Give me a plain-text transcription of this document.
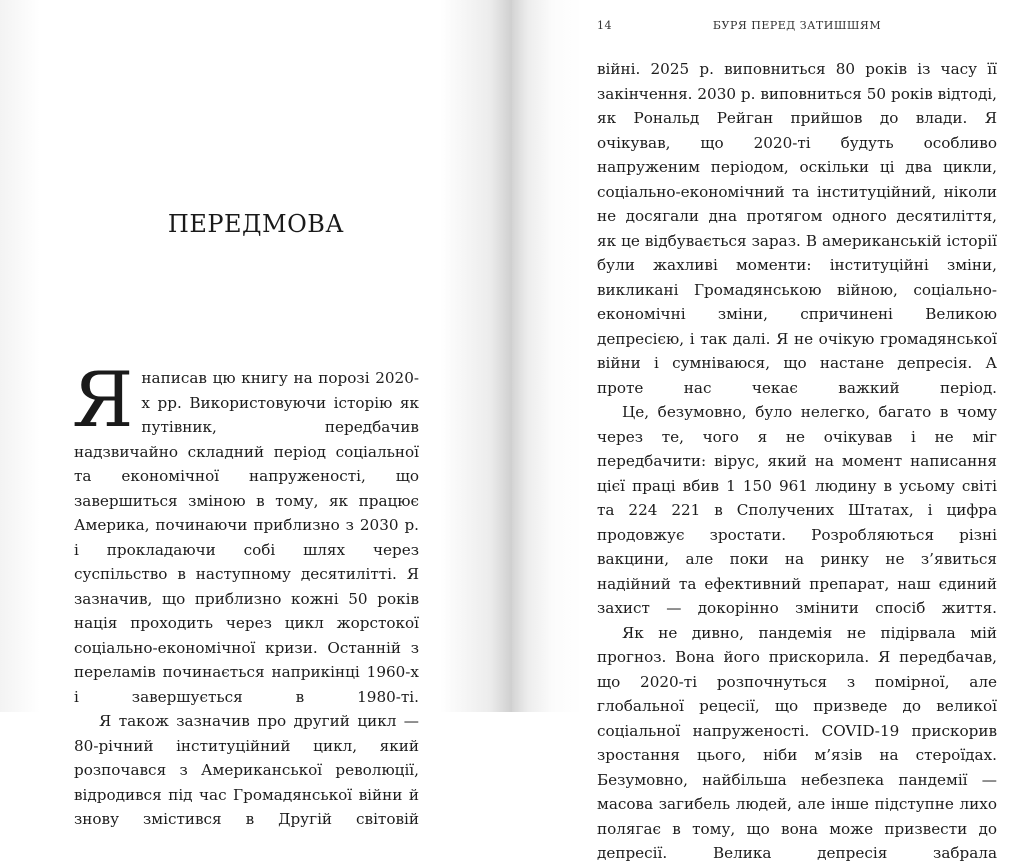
ПЕРЕДМОВА

Янаписав цю книгу на порозі 2020-х рр. Використовуючи історію як путівник, передбачив надзвичайно складний період соціальної та економічної напруженості, що завершиться зміною в тому, як працює Америка, починаючи приблизно з 2030 р. і прокладаючи собі шлях через суспільство в наступному десятилітті. Я зазначив, що приблизно кожні 50 років нація проходить через цикл жорстокої соціально-економічної кризи. Останній з переламів починається наприкінці 1960-х і завершується в 1980-ті.

Я також зазначив про другий цикл — 80-річний інституційний цикл, який розпочався з Американської революції, відродився під час Громадянської війни й знову змістився в Другій світовій

14	БУРЯ ПЕРЕД ЗАТИШШЯМ

війні. 2025 р. виповниться 80 років із часу її закінчення. 2030 р. виповниться 50 років відтоді, як Рональд Рейган прийшов до влади. Я очікував, що 2020-ті будуть особливо напруженим періодом, оскільки ці два цикли, соціально-економічний та інституційний, ніколи не досягали дна протягом одного десятиліття, як це відбувається зараз. В американській історії були жахливі моменти: інституційні зміни, викликані Громадянською війною, соціально-економічні зміни, спричинені Великою депресією, і так далі. Я не очікую громадянської війни і сумніваюся, що настане депресія. А проте нас чекає важкий період.

Це, безумовно, було нелегко, багато в чому через те, чого я не очікував і не міг передбачити: вірус, який на момент написання цієї праці вбив 1 150 961 людину в усьому світі та 224 221 в Сполучених Штатах, і цифра продовжує зростати. Розробляються різні вакцини, але поки на ринку не з’явиться надійний та ефективний препарат, наш єдиний захист — докорінно змінити спосіб життя.

Як не дивно, пандемія не підірвала мій прогноз. Вона його прискорила. Я передбачав, що 2020-ті розпочнуться з помірної, але глобальної рецесії, що призведе до великої соціальної напруженості. COVID-19 прискорив зростання цього, ніби м’язів на стероїдах. Безумовно, найбільша небезпека пандемії — масова загибель людей, але інше підступне лихо полягає в тому, що вона може призвести до депресії. Велика депресія забрала
